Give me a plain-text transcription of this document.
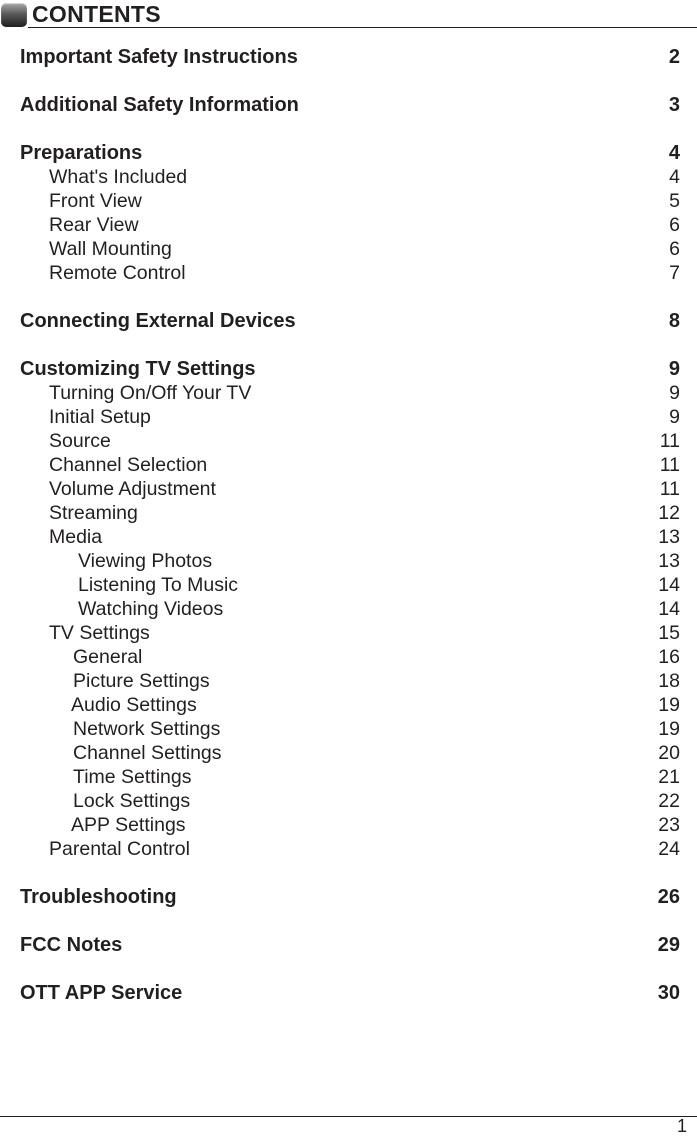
CONTENTS
Important Safety Instructions	2
Additional Safety Information	3
Preparations	4
What's Included	4
Front View	5
Rear View	6
Wall Mounting	6
Remote Control	7
Connecting External Devices	8
Customizing TV Settings	9
Turning On/Off Your TV	9
Initial Setup	9
Source	11
Channel Selection	11
Volume Adjustment	11
Streaming	12
Media	13
Viewing Photos	13
Listening To Music	14
Watching Videos	14
TV Settings	15
General	16
Picture Settings	18
Audio Settings	19
Network Settings	19
Channel Settings	20
Time Settings	21
Lock Settings	22
APP Settings	23
Parental Control	24
Troubleshooting	26
FCC Notes	29
OTT APP Service	30
1
